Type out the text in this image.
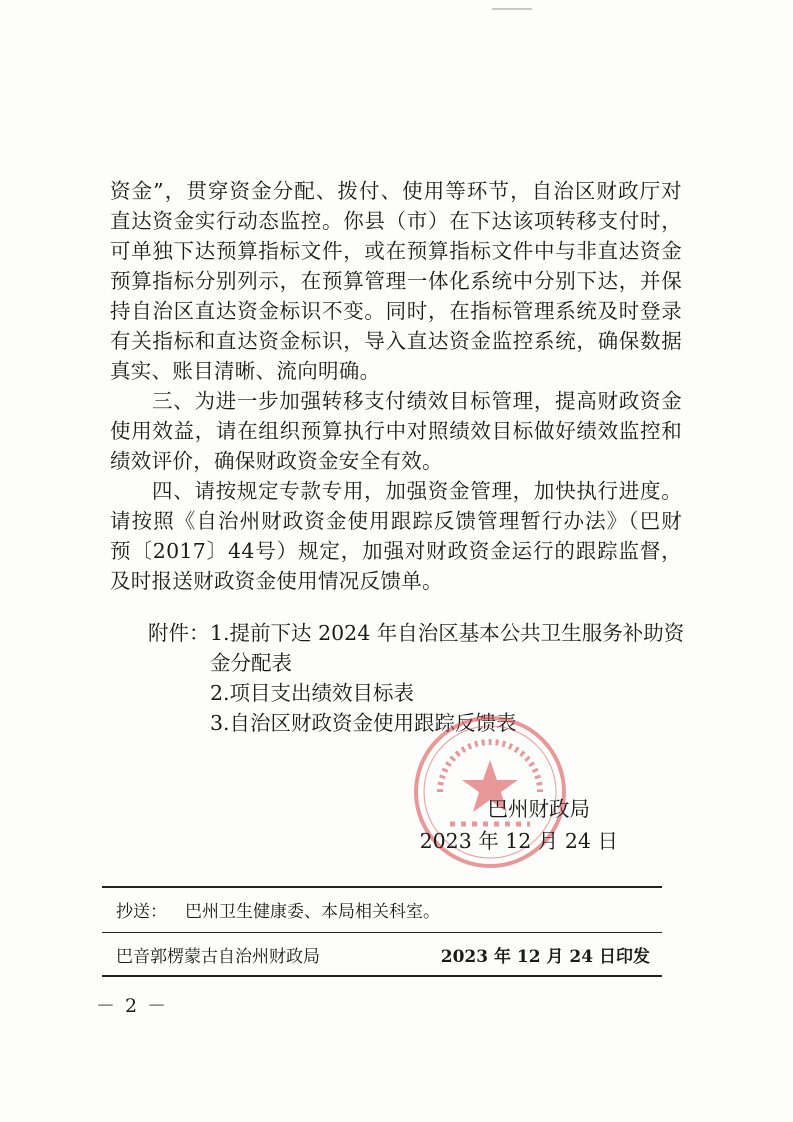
资金”，贯穿资金分配、拨付、使用等环节，自治区财政厅对直达资金实行动态监控。你县（市）在下达该项转移支付时，可单独下达预算指标文件，或在预算指标文件中与非直达资金预算指标分别列示，在预算管理一体化系统中分别下达，并保持自治区直达资金标识不变。同时，在指标管理系统及时登录有关指标和直达资金标识，导入直达资金监控系统，确保数据真实、账目清晰、流向明确。

三、为进一步加强转移支付绩效目标管理，提高财政资金使用效益，请在组织预算执行中对照绩效目标做好绩效监控和绩效评价，确保财政资金安全有效。

四、请按规定专款专用，加强资金管理，加快执行进度。请按照《自治州财政资金使用跟踪反馈管理暂行办法》（巴财预〔2017〕44号）规定，加强对财政资金运行的跟踪监督，及时报送财政资金使用情况反馈单。

附件： 1.提前下达 2024 年自治区基本公共卫生服务补助资
金分配表
2.项目支出绩效目标表
3.自治区财政资金使用跟踪反馈表
巴州财政局
2023 年 12 月 24 日
抄送： 巴州卫生健康委、本局相关科室。
巴音郭楞蒙古自治州财政局	2023 年 12 月 24 日印发
－ 2 －
